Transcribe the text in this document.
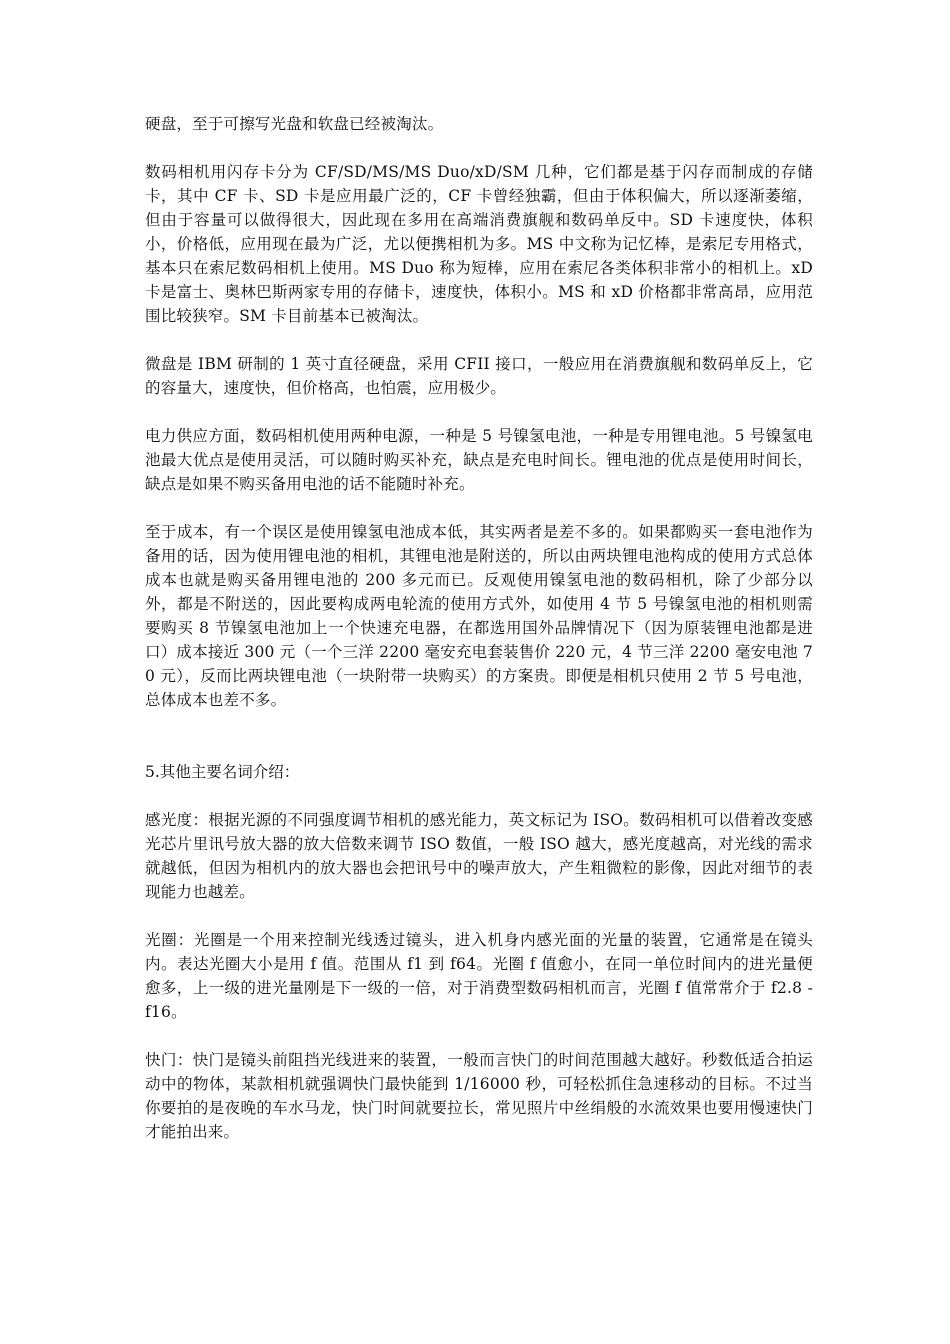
硬盘，至于可擦写光盘和软盘已经被淘汰。

数码相机用闪存卡分为 CF/SD/MS/MS Duo/xD/SM 几种，它们都是基于闪存而制成的存储卡，其中 CF 卡、SD 卡是应用最广泛的，CF 卡曾经独霸，但由于体积偏大，所以逐渐萎缩，但由于容量可以做得很大，因此现在多用在高端消费旗舰和数码单反中。SD 卡速度快，体积小，价格低，应用现在最为广泛，尤以便携相机为多。MS 中文称为记忆棒，是索尼专用格式，基本只在索尼数码相机上使用。MS Duo 称为短棒，应用在索尼各类体积非常小的相机上。xD 卡是富士、奥林巴斯两家专用的存储卡，速度快，体积小。MS 和 xD 价格都非常高昂，应用范围比较狭窄。SM 卡目前基本已被淘汰。

微盘是 IBM 研制的 1 英寸直径硬盘，采用 CFII 接口，一般应用在消费旗舰和数码单反上，它的容量大，速度快，但价格高，也怕震，应用极少。

电力供应方面，数码相机使用两种电源，一种是 5 号镍氢电池，一种是专用锂电池。5 号镍氢电池最大优点是使用灵活，可以随时购买补充，缺点是充电时间长。锂电池的优点是使用时间长，缺点是如果不购买备用电池的话不能随时补充。

至于成本，有一个误区是使用镍氢电池成本低，其实两者是差不多的。如果都购买一套电池作为备用的话，因为使用锂电池的相机，其锂电池是附送的，所以由两块锂电池构成的使用方式总体成本也就是购买备用锂电池的 200 多元而已。反观使用镍氢电池的数码相机，除了少部分以外，都是不附送的，因此要构成两电轮流的使用方式外，如使用 4 节 5 号镍氢电池的相机则需要购买 8 节镍氢电池加上一个快速充电器，在都选用国外品牌情况下（因为原装锂电池都是进口）成本接近 300 元（一个三洋 2200 毫安充电套装售价 220 元，4 节三洋 2200 毫安电池 70 元），反而比两块锂电池（一块附带一块购买）的方案贵。即便是相机只使用 2 节 5 号电池，总体成本也差不多。

5.其他主要名词介绍：

感光度：根据光源的不同强度调节相机的感光能力，英文标记为 ISO。数码相机可以借着改变感光芯片里讯号放大器的放大倍数来调节 ISO 数值，一般 ISO 越大，感光度越高，对光线的需求就越低，但因为相机内的放大器也会把讯号中的噪声放大，产生粗微粒的影像，因此对细节的表现能力也越差。

光圈：光圈是一个用来控制光线透过镜头，进入机身内感光面的光量的装置，它通常是在镜头内。表达光圈大小是用 f 值。范围从 f1 到 f64。光圈 f 值愈小，在同一单位时间内的进光量便愈多，上一级的进光量刚是下一级的一倍，对于消费型数码相机而言，光圈 f 值常常介于 f2.8 - f16。

快门：快门是镜头前阻挡光线进来的装置，一般而言快门的时间范围越大越好。秒数低适合拍运动中的物体，某款相机就强调快门最快能到 1/16000 秒，可轻松抓住急速移动的目标。不过当你要拍的是夜晚的车水马龙，快门时间就要拉长，常见照片中丝绢般的水流效果也要用慢速快门才能拍出来。
